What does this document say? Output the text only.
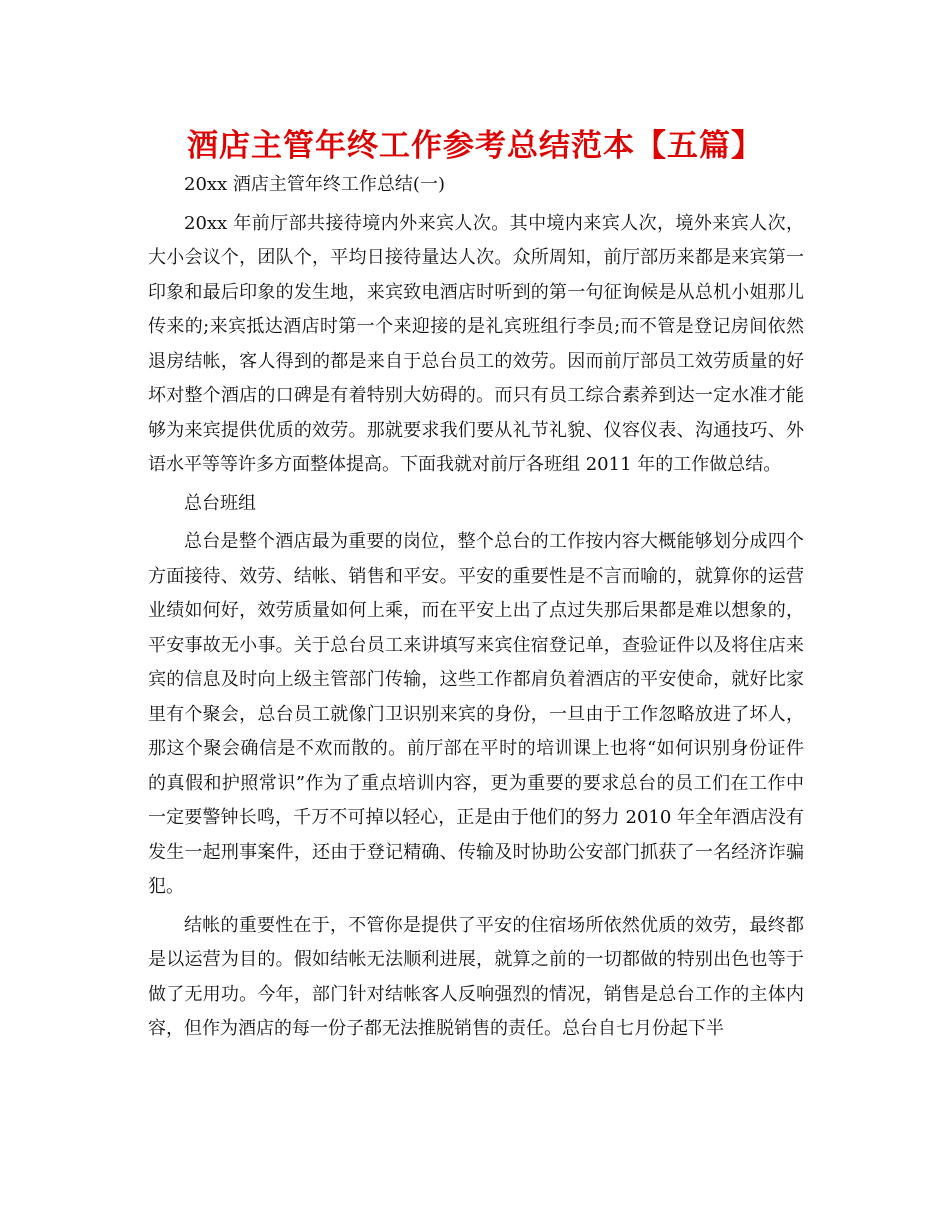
酒店主管年终工作参考总结范本【五篇】

20xx 酒店主管年终工作总结(一)

20xx 年前厅部共接待境内外来宾人次。其中境内来宾人次，境外来宾人次，大小会议个，团队个，平均日接待量达人次。众所周知，前厅部历来都是来宾第一印象和最后印象的发生地，来宾致电酒店时听到的第一句征询候是从总机小姐那儿传来的;来宾抵达酒店时第一个来迎接的是礼宾班组行李员;而不管是登记房间依然退房结帐，客人得到的都是来自于总台员工的效劳。因而前厅部员工效劳质量的好坏对整个酒店的口碑是有着特别大妨碍的。而只有员工综合素养到达一定水准才能够为来宾提供优质的效劳。那就要求我们要从礼节礼貌、仪容仪表、沟通技巧、外语水平等等许多方面整体提高。下面我就对前厅各班组 2011 年的工作做总结。

总台班组

总台是整个酒店最为重要的岗位，整个总台的工作按内容大概能够划分成四个方面接待、效劳、结帐、销售和平安。平安的重要性是不言而喻的，就算你的运营业绩如何好，效劳质量如何上乘，而在平安上出了点过失那后果都是难以想象的，平安事故无小事。关于总台员工来讲填写来宾住宿登记单，查验证件以及将住店来宾的信息及时向上级主管部门传输，这些工作都肩负着酒店的平安使命，就好比家里有个聚会，总台员工就像门卫识别来宾的身份，一旦由于工作忽略放进了坏人，那这个聚会确信是不欢而散的。前厅部在平时的培训课上也将“如何识别身份证件的真假和护照常识”作为了重点培训内容，更为重要的要求总台的员工们在工作中一定要警钟长鸣，千万不可掉以轻心，正是由于他们的努力 2010 年全年酒店没有发生一起刑事案件，还由于登记精确、传输及时协助公安部门抓获了一名经济诈骗犯。

结帐的重要性在于，不管你是提供了平安的住宿场所依然优质的效劳，最终都是以运营为目的。假如结帐无法顺利进展，就算之前的一切都做的特别出色也等于做了无用功。今年，部门针对结帐客人反响强烈的情况，销售是总台工作的主体内容，但作为酒店的每一份子都无法推脱销售的责任。总台自七月份起下半
